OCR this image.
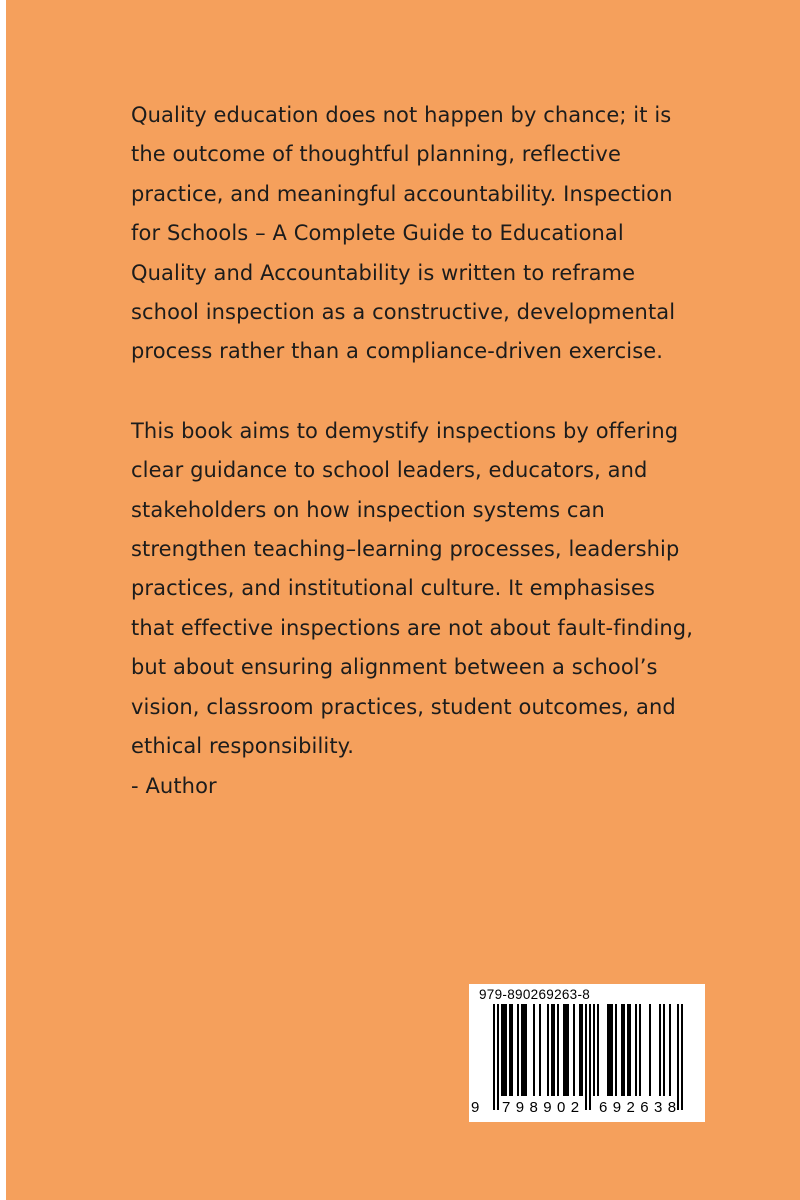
Quality education does not happen by chance; it is
the outcome of thoughtful planning, reflective
practice, and meaningful accountability. Inspection
for Schools – A Complete Guide to Educational
Quality and Accountability is written to reframe
school inspection as a constructive, developmental
process rather than a compliance-driven exercise.
This book aims to demystify inspections by offering
clear guidance to school leaders, educators, and
stakeholders on how inspection systems can
strengthen teaching–learning processes, leadership
practices, and institutional culture. It emphasises
that effective inspections are not about fault-finding,
but about ensuring alignment between a school’s
vision, classroom practices, student outcomes, and
ethical responsibility.
- Author
979-890269263-8
9 798902 692638
